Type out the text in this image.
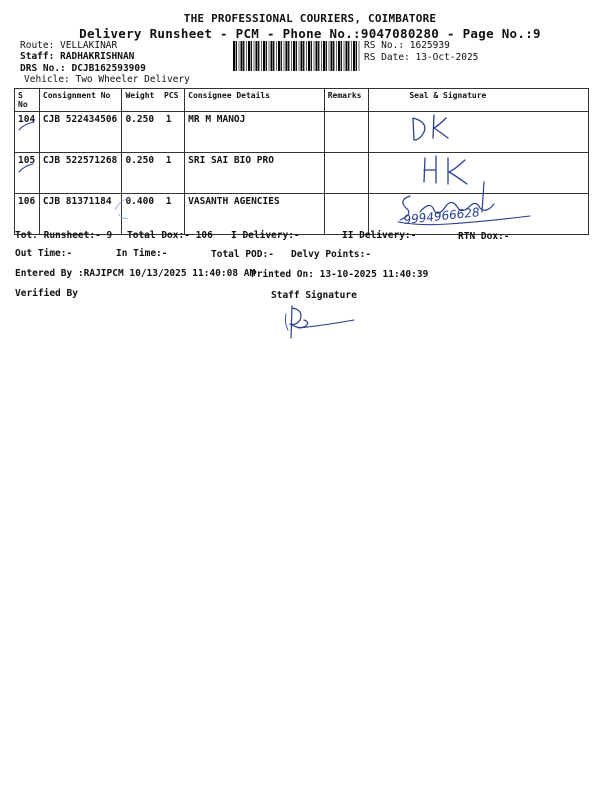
THE PROFESSIONAL COURIERS, COIMBATORE
Delivery Runsheet - PCM - Phone No.:9047080280 - Page No.:9
Route: VELLAKINAR
Staff: RADHAKRISHNAN
DRS No.: DCJB162593909
Vehicle: Two Wheeler Delivery
RS No.: 1625939
RS Date: 13-Oct-2025
S No	Consignment No	Weight PCS	Consignee Details	Remarks	Seal & Signature
104	CJB 522434506	0.250 1	MR M MANOJ		
105	CJB 522571268	0.250 1	SRI SAI BIO PRO		
106	CJB 81371184	0.400 1	VASANTH AGENCIES		
9994966628
Tot. Runsheet:- 9 Total Dox:- 106 I Delivery:-	II Delivery:-	RTN Dox:-
Out Time:-	In Time:-	Total POD:- Delvy Points:-
Entered By :RAJIPCM 10/13/2025 11:40:08 AM
Printed On: 13-10-2025 11:40:39
Verified By	Staff Signature
